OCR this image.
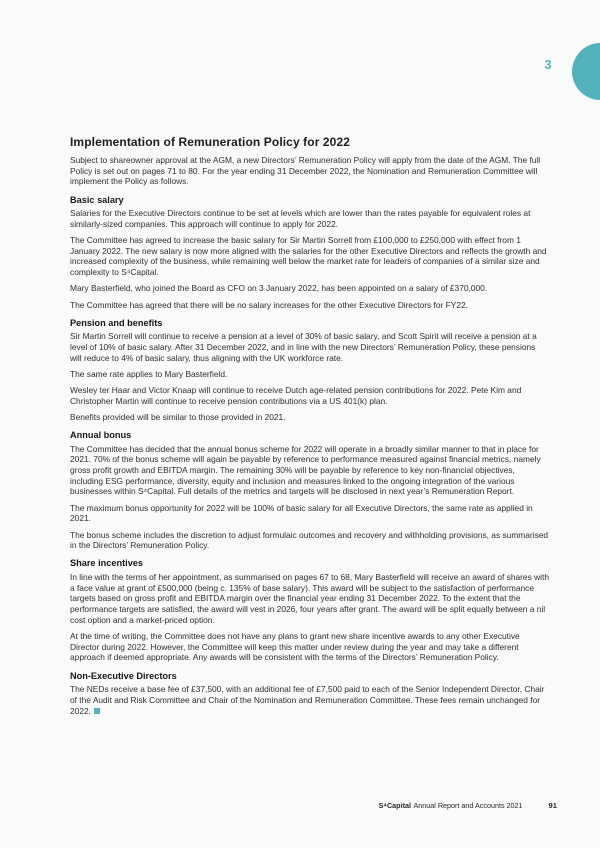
3
Implementation of Remuneration Policy for 2022

Subject to shareowner approval at the AGM, a new Directors’ Remuneration Policy will apply from the date of the AGM. The full Policy is set out on pages 71 to 80. For the year ending 31 December 2022, the Nomination and Remuneration Committee will implement the Policy as follows.

Basic salary

Salaries for the Executive Directors continue to be set at levels which are lower than the rates payable for equivalent roles at similarly-sized companies. This approach will continue to apply for 2022.

The Committee has agreed to increase the basic salary for Sir Martin Sorrell from £100,000 to £250,000 with effect from 1 January 2022. The new salary is now more aligned with the salaries for the other Executive Directors and reflects the growth and increased complexity of the business, while remaining well below the market rate for leaders of companies of a similar size and complexity to S⁴Capital.

Mary Basterfield, who joined the Board as CFO on 3 January 2022, has been appointed on a salary of £370,000.

The Committee has agreed that there will be no salary increases for the other Executive Directors for FY22.

Pension and benefits

Sir Martin Sorrell will continue to receive a pension at a level of 30% of basic salary, and Scott Spirit will receive a pension at a level of 10% of basic salary. After 31 December 2022, and in line with the new Directors’ Remuneration Policy, these pensions will reduce to 4% of basic salary, thus aligning with the UK workforce rate.

The same rate applies to Mary Basterfield.

Wesley ter Haar and Victor Knaap will continue to receive Dutch age-related pension contributions for 2022. Pete Kim and Christopher Martin will continue to receive pension contributions via a US 401(k) plan.

Benefits provided will be similar to those provided in 2021.

Annual bonus

The Committee has decided that the annual bonus scheme for 2022 will operate in a broadly similar manner to that in place for 2021. 70% of the bonus scheme will again be payable by reference to performance measured against financial metrics, namely gross profit growth and EBITDA margin. The remaining 30% will be payable by reference to key non-financial objectives, including ESG performance, diversity, equity and inclusion and measures linked to the ongoing integration of the various businesses within S⁴Capital. Full details of the metrics and targets will be disclosed in next year’s Remuneration Report.

The maximum bonus opportunity for 2022 will be 100% of basic salary for all Executive Directors, the same rate as applied in 2021.

The bonus scheme includes the discretion to adjust formulaic outcomes and recovery and withholding provisions, as summarised in the Directors’ Remuneration Policy.

Share incentives

In line with the terms of her appointment, as summarised on pages 67 to 68, Mary Basterfield will receive an award of shares with a face value at grant of £500,000 (being c. 135% of base salary). This award will be subject to the satisfaction of performance targets based on gross profit and EBITDA margin over the financial year ending 31 December 2022. To the extent that the performance targets are satisfied, the award will vest in 2026, four years after grant. The award will be split equally between a nil cost option and a market-priced option.

At the time of writing, the Committee does not have any plans to grant new share incentive awards to any other Executive Director during 2022. However, the Committee will keep this matter under review during the year and may take a different approach if deemed appropriate. Any awards will be consistent with the terms of the Directors’ Remuneration Policy.

Non-Executive Directors

The NEDs receive a base fee of £37,500, with an additional fee of £7,500 paid to each of the Senior Independent Director, Chair of the Audit and Risk Committee and Chair of the Nomination and Remuneration Committee. These fees remain unchanged for 2022.

S⁴Capital Annual Report and Accounts 2021	91
